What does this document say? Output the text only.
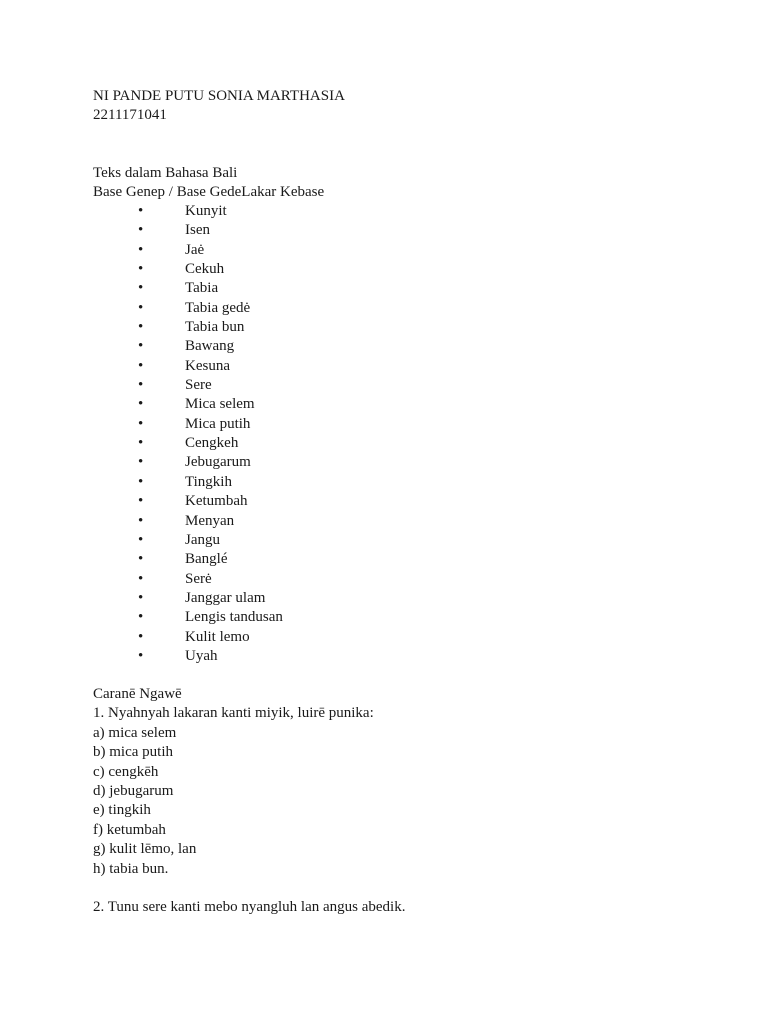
NI PANDE PUTU SONIA MARTHASIA
2211171041
Teks dalam Bahasa Bali
Base Genep / Base GedeLakar Kebase
•	Kunyit
•	Isen
•	Jaė
•	Cekuh
•	Tabia
•	Tabia gedė
•	Tabia bun
•	Bawang
•	Kesuna
•	Sere
•	Mica selem
•	Mica putih
•	Cengkeh
•	Jebugarum
•	Tingkih
•	Ketumbah
•	Menyan
•	Jangu
•	Banglé
•	Serė
•	Janggar ulam
•	Lengis tandusan
•	Kulit lemo
•	Uyah
Caranē Ngawē
1. Nyahnyah lakaran kanti miyik, luirē punika:
a) mica selem
b) mica putih
c) cengkēh
d) jebugarum
e) tingkih
f) ketumbah
g) kulit lēmo, lan
h) tabia bun.
2. Tunu sere kanti mebo nyangluh lan angus abedik.
